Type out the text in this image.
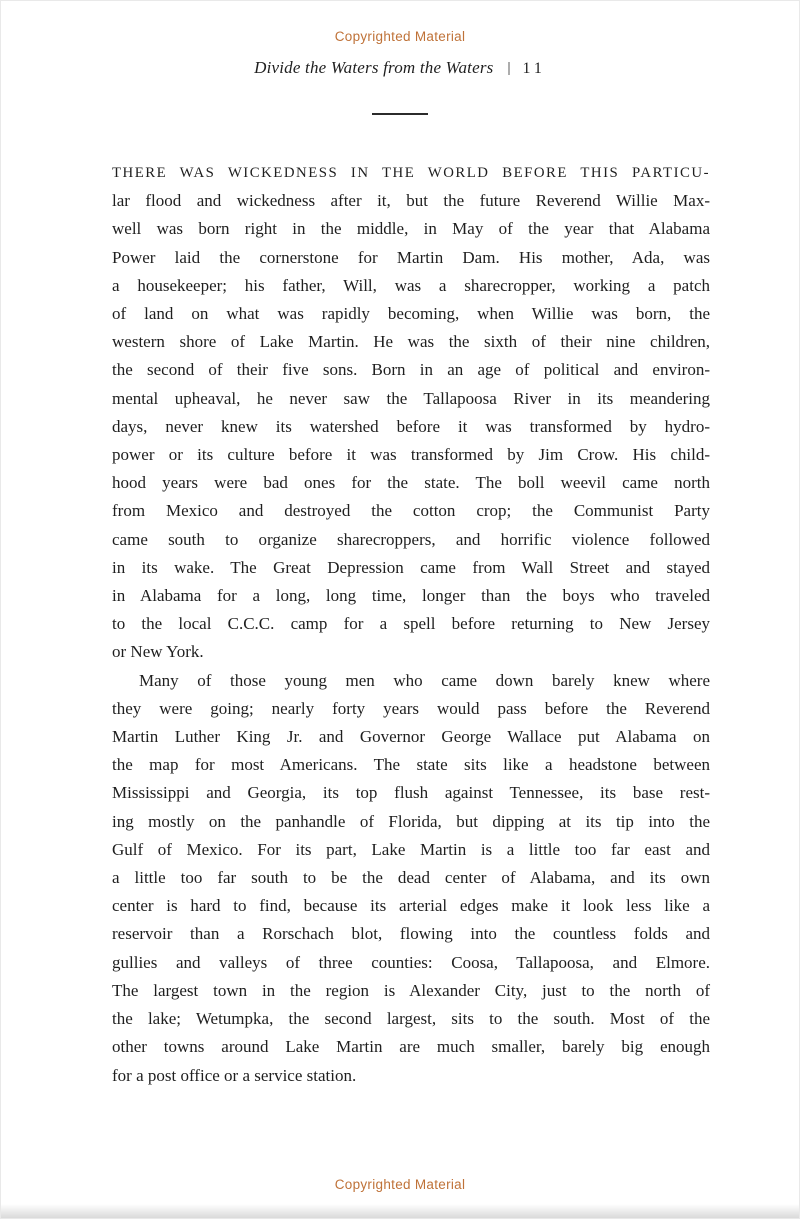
Copyrighted Material
Divide the Waters from the Waters | 11
THERE WAS WICKEDNESS IN THE WORLD BEFORE THIS PARTICU-
lar flood and wickedness after it, but the future Reverend Willie Max-
well was born right in the middle, in May of the year that Alabama
Power laid the cornerstone for Martin Dam. His mother, Ada, was
a housekeeper; his father, Will, was a sharecropper, working a patch
of land on what was rapidly becoming, when Willie was born, the
western shore of Lake Martin. He was the sixth of their nine children,
the second of their five sons. Born in an age of political and environ-
mental upheaval, he never saw the Tallapoosa River in its meandering
days, never knew its watershed before it was transformed by hydro-
power or its culture before it was transformed by Jim Crow. His child-
hood years were bad ones for the state. The boll weevil came north
from Mexico and destroyed the cotton crop; the Communist Party
came south to organize sharecroppers, and horrific violence followed
in its wake. The Great Depression came from Wall Street and stayed
in Alabama for a long, long time, longer than the boys who traveled
to the local C.C.C. camp for a spell before returning to New Jersey
or New York.
Many of those young men who came down barely knew where
they were going; nearly forty years would pass before the Reverend
Martin Luther King Jr. and Governor George Wallace put Alabama on
the map for most Americans. The state sits like a headstone between
Mississippi and Georgia, its top flush against Tennessee, its base rest-
ing mostly on the panhandle of Florida, but dipping at its tip into the
Gulf of Mexico. For its part, Lake Martin is a little too far east and
a little too far south to be the dead center of Alabama, and its own
center is hard to find, because its arterial edges make it look less like a
reservoir than a Rorschach blot, flowing into the countless folds and
gullies and valleys of three counties: Coosa, Tallapoosa, and Elmore.
The largest town in the region is Alexander City, just to the north of
the lake; Wetumpka, the second largest, sits to the south. Most of the
other towns around Lake Martin are much smaller, barely big enough
for a post office or a service station.
Copyrighted Material
